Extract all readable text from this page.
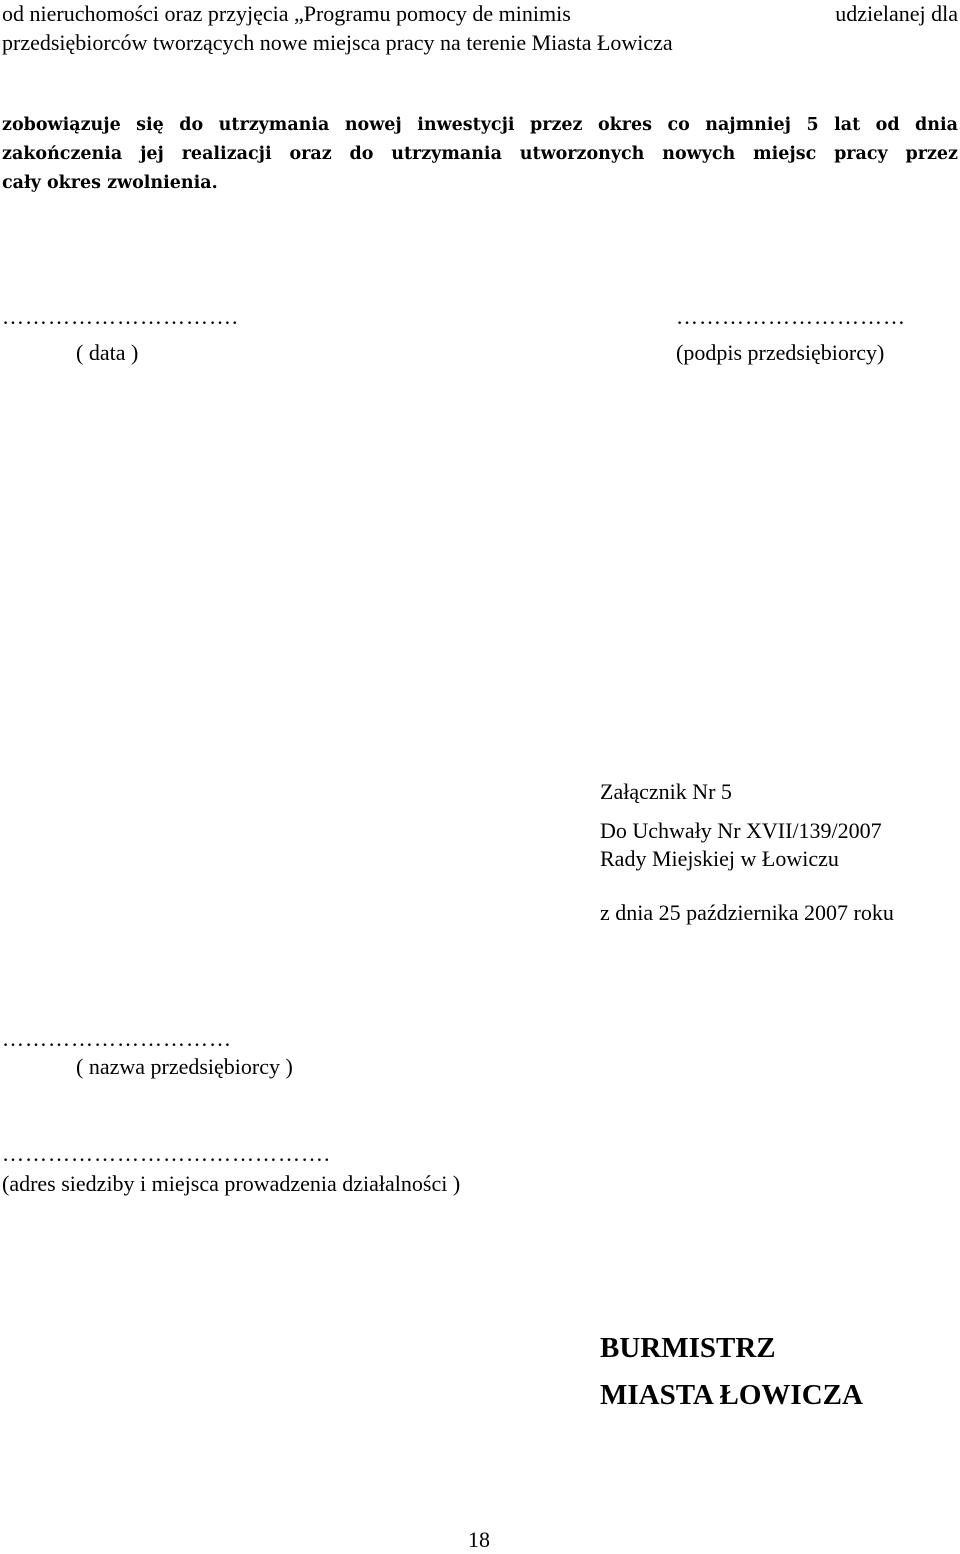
od nieruchomości oraz przyjęcia „Programu pomocy de minimis	udzielanej dla
przedsiębiorców tworzących nowe miejsca pracy na terenie Miasta Łowicza
zobowiązuje się do utrzymania nowej inwestycji przez okres co najmniej 5 lat od dnia
zakończenia jej realizacji oraz do utrzymania utworzonych nowych miejsc pracy przez
cały okres zwolnienia.
………………………….
( data )
…………………………
(podpis przedsiębiorcy)
Załącznik Nr 5
Do Uchwały Nr XVII/139/2007
Rady Miejskiej w Łowiczu
z dnia 25 października 2007 roku
…………………………
( nazwa przedsiębiorcy )
…………………………………….
(adres siedziby i miejsca prowadzenia działalności )
BURMISTRZ
MIASTA ŁOWICZA
18
